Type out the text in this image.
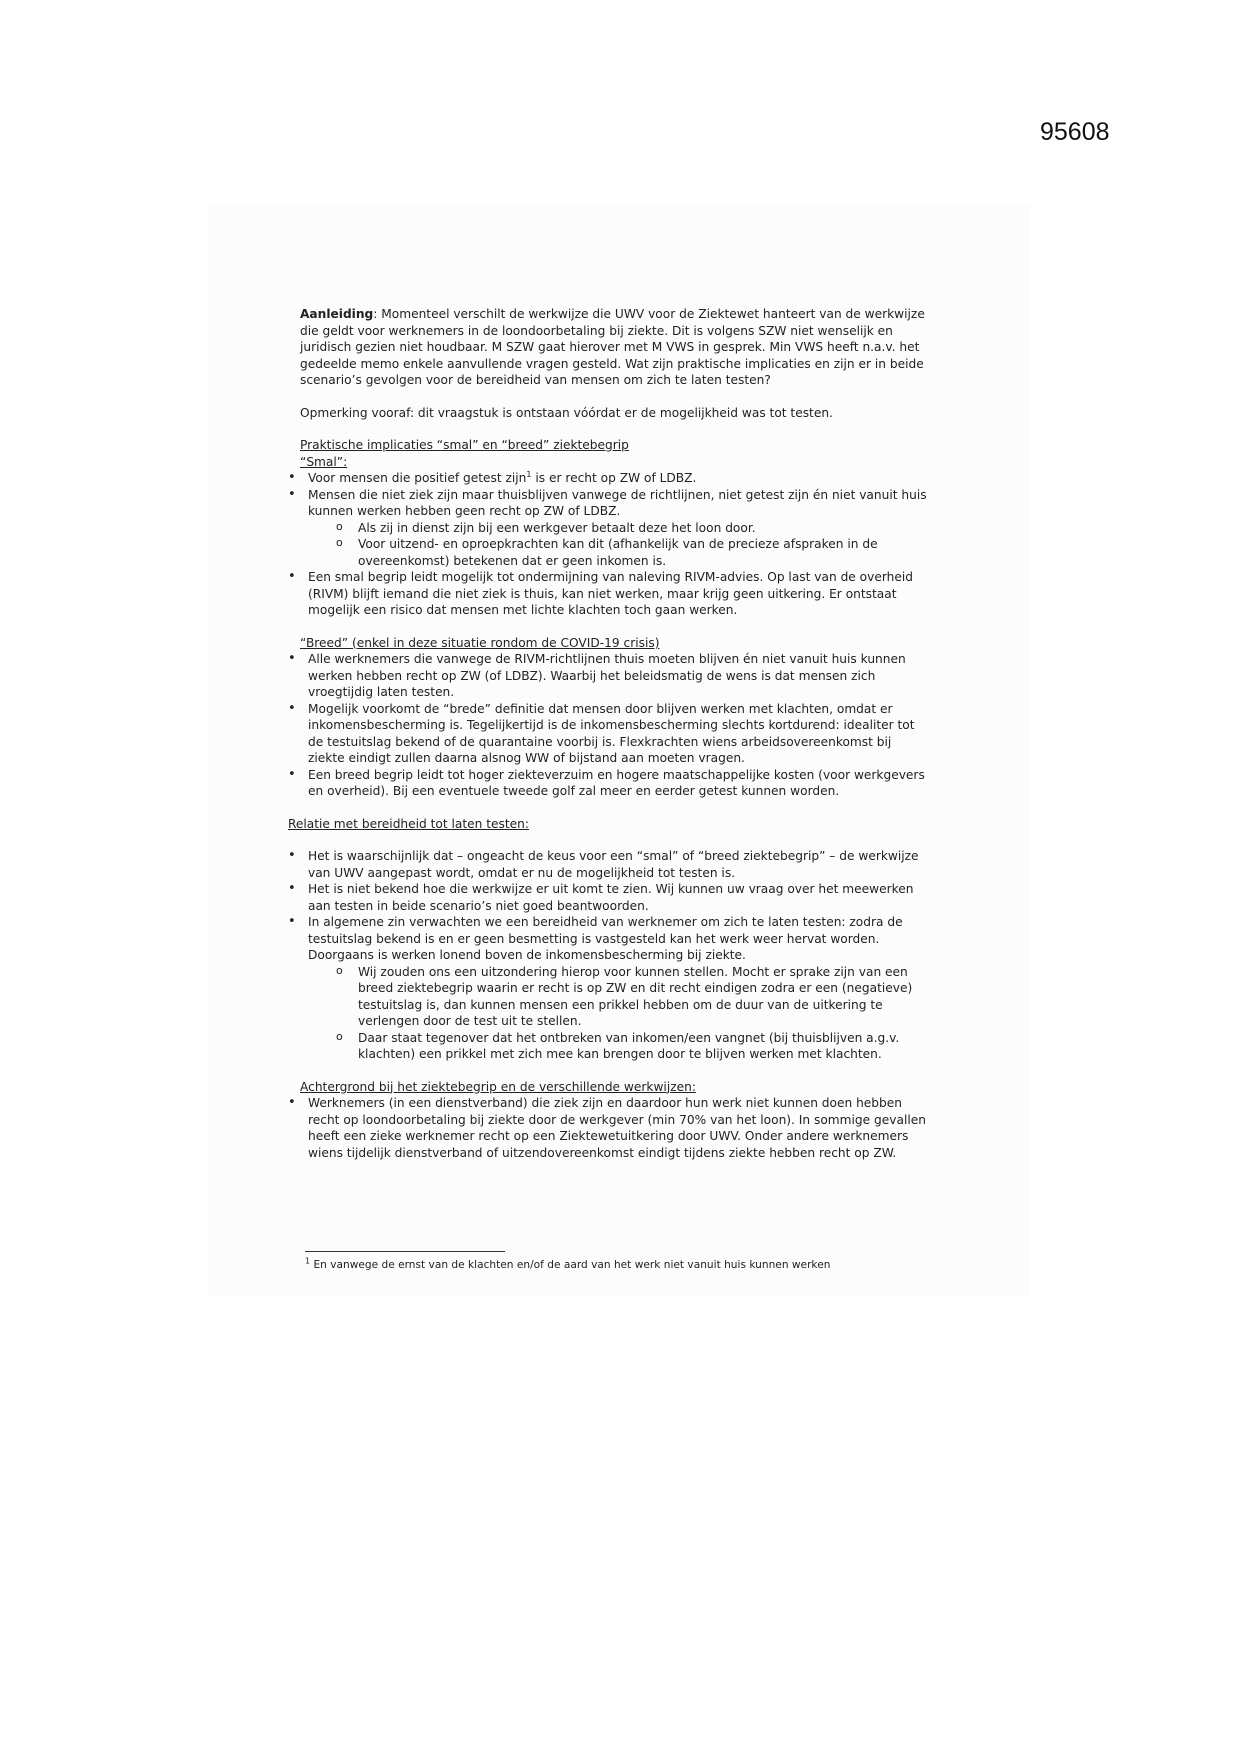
95608

Aanleiding: Momenteel verschilt de werkwijze die UWV voor de Ziektewet hanteert van de werkwijze die geldt voor werknemers in de loondoorbetaling bij ziekte. Dit is volgens SZW niet wenselijk en juridisch gezien niet houdbaar. M SZW gaat hierover met M VWS in gesprek. Min VWS heeft n.a.v. het gedeelde memo enkele aanvullende vragen gesteld. Wat zijn praktische implicaties en zijn er in beide scenario’s gevolgen voor de bereidheid van mensen om zich te laten testen?

Opmerking vooraf: dit vraagstuk is ontstaan vóórdat er de mogelijkheid was tot testen.

Praktische implicaties “smal” en “breed” ziektebegrip

“Smal”:

• Voor mensen die positief getest zijn$^1$ is er recht op ZW of LDBZ.
• Mensen die niet ziek zijn maar thuisblijven vanwege de richtlijnen, niet getest zijn én niet vanuit huis kunnen werken hebben geen recht op ZW of LDBZ.
o Als zij in dienst zijn bij een werkgever betaalt deze het loon door.
o Voor uitzend- en oproepkrachten kan dit (afhankelijk van de precieze afspraken in de overeenkomst) betekenen dat er geen inkomen is.
• Een smal begrip leidt mogelijk tot ondermijning van naleving RIVM-advies. Op last van de overheid (RIVM) blijft iemand die niet ziek is thuis, kan niet werken, maar krijg geen uitkering. Er ontstaat mogelijk een risico dat mensen met lichte klachten toch gaan werken.

“Breed” (enkel in deze situatie rondom de COVID-19 crisis)

• Alle werknemers die vanwege de RIVM-richtlijnen thuis moeten blijven én niet vanuit huis kunnen werken hebben recht op ZW (of LDBZ). Waarbij het beleidsmatig de wens is dat mensen zich vroegtijdig laten testen.
• Mogelijk voorkomt de “brede” definitie dat mensen door blijven werken met klachten, omdat er inkomensbescherming is. Tegelijkertijd is de inkomensbescherming slechts kortdurend: idealiter tot de testuitslag bekend of de quarantaine voorbij is. Flexkrachten wiens arbeidsovereenkomst bij ziekte eindigt zullen daarna alsnog WW of bijstand aan moeten vragen.
• Een breed begrip leidt tot hoger ziekteverzuim en hogere maatschappelijke kosten (voor werkgevers en overheid). Bij een eventuele tweede golf zal meer en eerder getest kunnen worden.

Relatie met bereidheid tot laten testen:

• Het is waarschijnlijk dat – ongeacht de keus voor een “smal” of “breed ziektebegrip” – de werkwijze van UWV aangepast wordt, omdat er nu de mogelijkheid tot testen is.
• Het is niet bekend hoe die werkwijze er uit komt te zien. Wij kunnen uw vraag over het meewerken aan testen in beide scenario’s niet goed beantwoorden.
• In algemene zin verwachten we een bereidheid van werknemer om zich te laten testen: zodra de testuitslag bekend is en er geen besmetting is vastgesteld kan het werk weer hervat worden. Doorgaans is werken lonend boven de inkomensbescherming bij ziekte.
o Wij zouden ons een uitzondering hierop voor kunnen stellen. Mocht er sprake zijn van een breed ziektebegrip waarin er recht is op ZW en dit recht eindigen zodra er een (negatieve) testuitslag is, dan kunnen mensen een prikkel hebben om de duur van de uitkering te verlengen door de test uit te stellen.
o Daar staat tegenover dat het ontbreken van inkomen/een vangnet (bij thuisblijven a.g.v. klachten) een prikkel met zich mee kan brengen door te blijven werken met klachten.

Achtergrond bij het ziektebegrip en de verschillende werkwijzen:

• Werknemers (in een dienstverband) die ziek zijn en daardoor hun werk niet kunnen doen hebben recht op loondoorbetaling bij ziekte door de werkgever (min 70% van het loon). In sommige gevallen heeft een zieke werknemer recht op een Ziektewetuitkering door UWV. Onder andere werknemers wiens tijdelijk dienstverband of uitzendovereenkomst eindigt tijdens ziekte hebben recht op ZW.
$^1$ En vanwege de ernst van de klachten en/of de aard van het werk niet vanuit huis kunnen werken
